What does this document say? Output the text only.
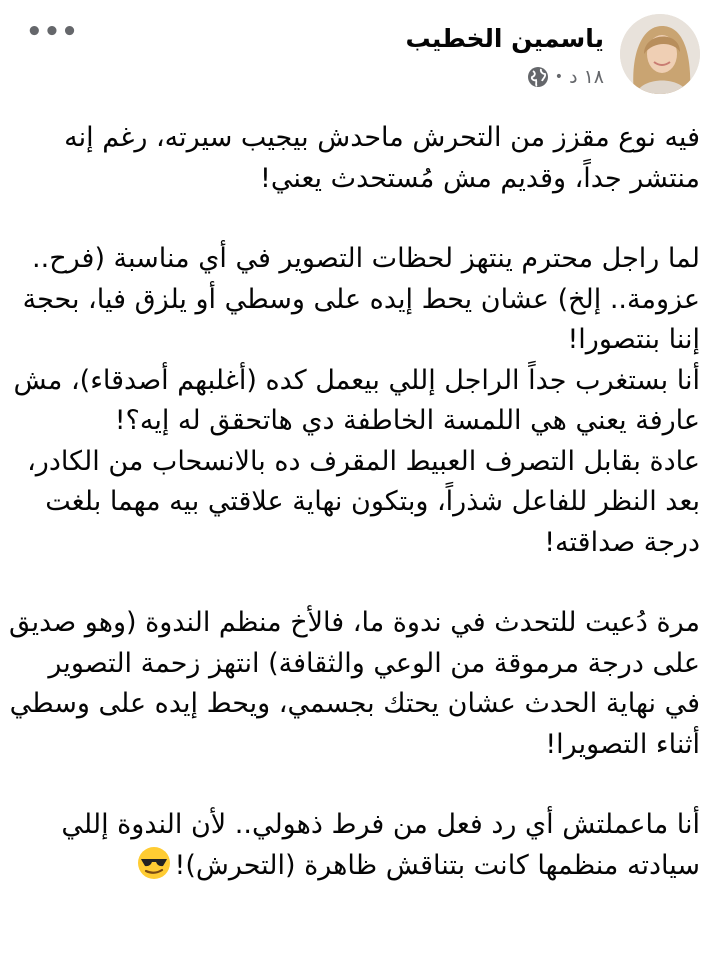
ياسمين الخطيب
١٨ د
•
•••

فيه نوع مقزز من التحرش ماحدش بيجيب سيرته، رغم إنه منتشر جداً، وقديم مش مُستحدث يعني!

لما راجل محترم ينتهز لحظات التصوير في أي مناسبة (فرح.. عزومة.. إلخ) عشان يحط إيده على وسطي أو يلزق فيا، بحجة إننا بنتصورا!

أنا بستغرب جداً الراجل إللي بيعمل كده (أغلبهم أصدقاء)، مش عارفة يعني هي اللمسة الخاطفة دي هاتحقق له إيه؟!

عادة بقابل التصرف العبيط المقرف ده بالانسحاب من الكادر، بعد النظر للفاعل شذراً، وبتكون نهاية علاقتي بيه مهما بلغت درجة صداقته!

مرة دُعيت للتحدث في ندوة ما، فالأخ منظم الندوة (وهو صديق على درجة مرموقة من الوعي والثقافة) انتهز زحمة التصوير في نهاية الحدث عشان يحتك بجسمي، ويحط إيده على وسطي أثناء التصويرا!

أنا ماعملتش أي رد فعل من فرط ذهولي.. لأن الندوة إللي سيادته منظمها كانت بتناقش ظاهرة (التحرش)!
